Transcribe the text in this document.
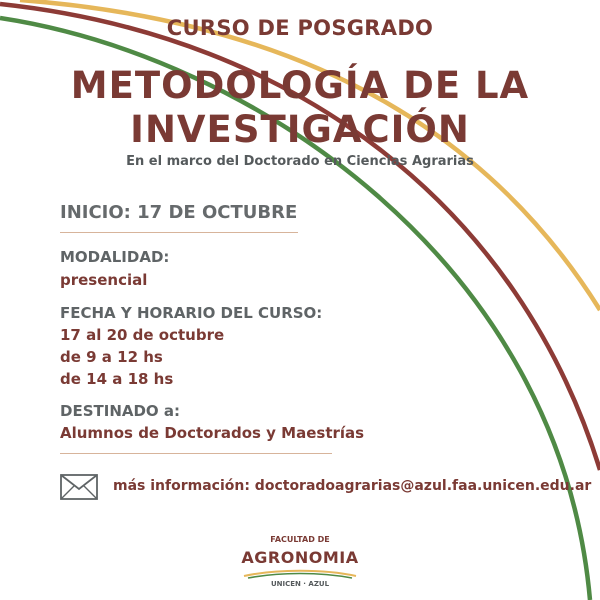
CURSO DE POSGRADO

METODOLOGÍA DE LA

INVESTIGACIÓN

En el marco del Doctorado en Ciencias Agrarias

INICIO: 17 DE OCTUBRE

MODALIDAD:

presencial

FECHA Y HORARIO DEL CURSO:

17 al 20 de octubre

de 9 a 12 hs

de 14 a 18 hs

DESTINADO a:

Alumnos de Doctorados y Maestrías

más información: doctoradoagrarias@azul.faa.unicen.edu.ar

FACULTAD DE
AGRONOMIA
UNICEN · AZUL
